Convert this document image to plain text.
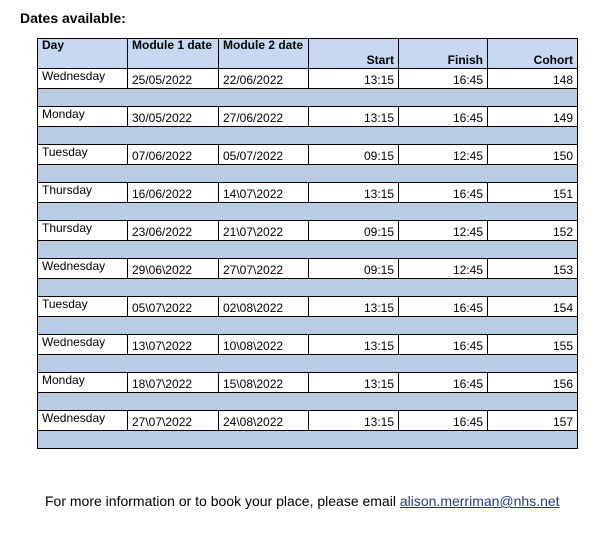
Dates available:

Day	Module 1 date	Module 2 date	Start	Finish	Cohort
Wednesday	25/05/2022	22/06/2022	13:15	16:45	148

Monday	30/05/2022	27/06/2022	13:15	16:45	149

Tuesday	07/06/2022	05/07/2022	09:15	12:45	150

Thursday	16/06/2022	14\07\2022	13:15	16:45	151

Thursday	23/06/2022	21\07\2022	09:15	12:45	152

Wednesday	29\06\2022	27\07\2022	09:15	12:45	153

Tuesday	05\07\2022	02\08\2022	13:15	16:45	154

Wednesday	13\07\2022	10\08\2022	13:15	16:45	155

Monday	18\07\2022	15\08\2022	13:15	16:45	156

Wednesday	27\07\2022	24\08\2022	13:15	16:45	157

For more information or to book your place, please email alison.merriman@nhs.net
